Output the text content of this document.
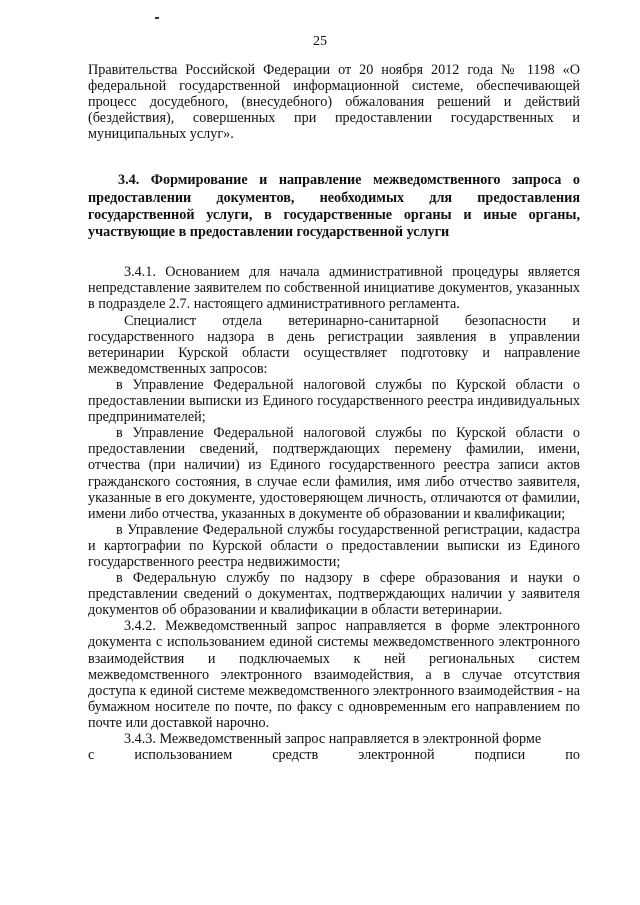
25

Правительства Российской Федерации от 20 ноября 2012 года № 1198 «О федеральной государственной информационной системе, обеспечивающей процесс досудебного, (внесудебного) обжалования решений и действий (бездействия), совершенных при предоставлении государственных и муниципальных услуг».

3.4. Формирование и направление межведомственного запроса о предоставлении документов, необходимых для предоставления государственной услуги, в государственные органы и иные органы, участвующие в предоставлении государственной услуги

3.4.1. Основанием для начала административной процедуры является непредставление заявителем по собственной инициативе документов, указанных в подразделе 2.7. настоящего административного регламента.

Специалист отдела ветеринарно-санитарной безопасности и государственного надзора в день регистрации заявления в управлении ветеринарии Курской области осуществляет подготовку и направление межведомственных запросов:

в Управление Федеральной налоговой службы по Курской области о предоставлении выписки из Единого государственного реестра индивидуальных предпринимателей;

в Управление Федеральной налоговой службы по Курской области о предоставлении сведений, подтверждающих перемену фамилии, имени, отчества (при наличии) из Единого государственного реестра записи актов гражданского состояния, в случае если фамилия, имя либо отчество заявителя, указанные в его документе, удостоверяющем личность, отличаются от фамилии, имени либо отчества, указанных в документе об образовании и квалификации;

в Управление Федеральной службы государственной регистрации, кадастра и картографии по Курской области о предоставлении выписки из Единого государственного реестра недвижимости;

в Федеральную службу по надзору в сфере образования и науки о представлении сведений о документах, подтверждающих наличии у заявителя документов об образовании и квалификации в области ветеринарии.

3.4.2. Межведомственный запрос направляется в форме электронного документа с использованием единой системы межведомственного электронного взаимодействия и подключаемых к ней региональных систем межведомственного электронного взаимодействия, а в случае отсутствия доступа к единой системе межведомственного электронного взаимодействия - на бумажном носителе по почте, по факсу с одновременным его направлением по почте или доставкой нарочно.

3.4.3. Межведомственный запрос направляется в электронной форме

с использованием средств электронной подписи по
